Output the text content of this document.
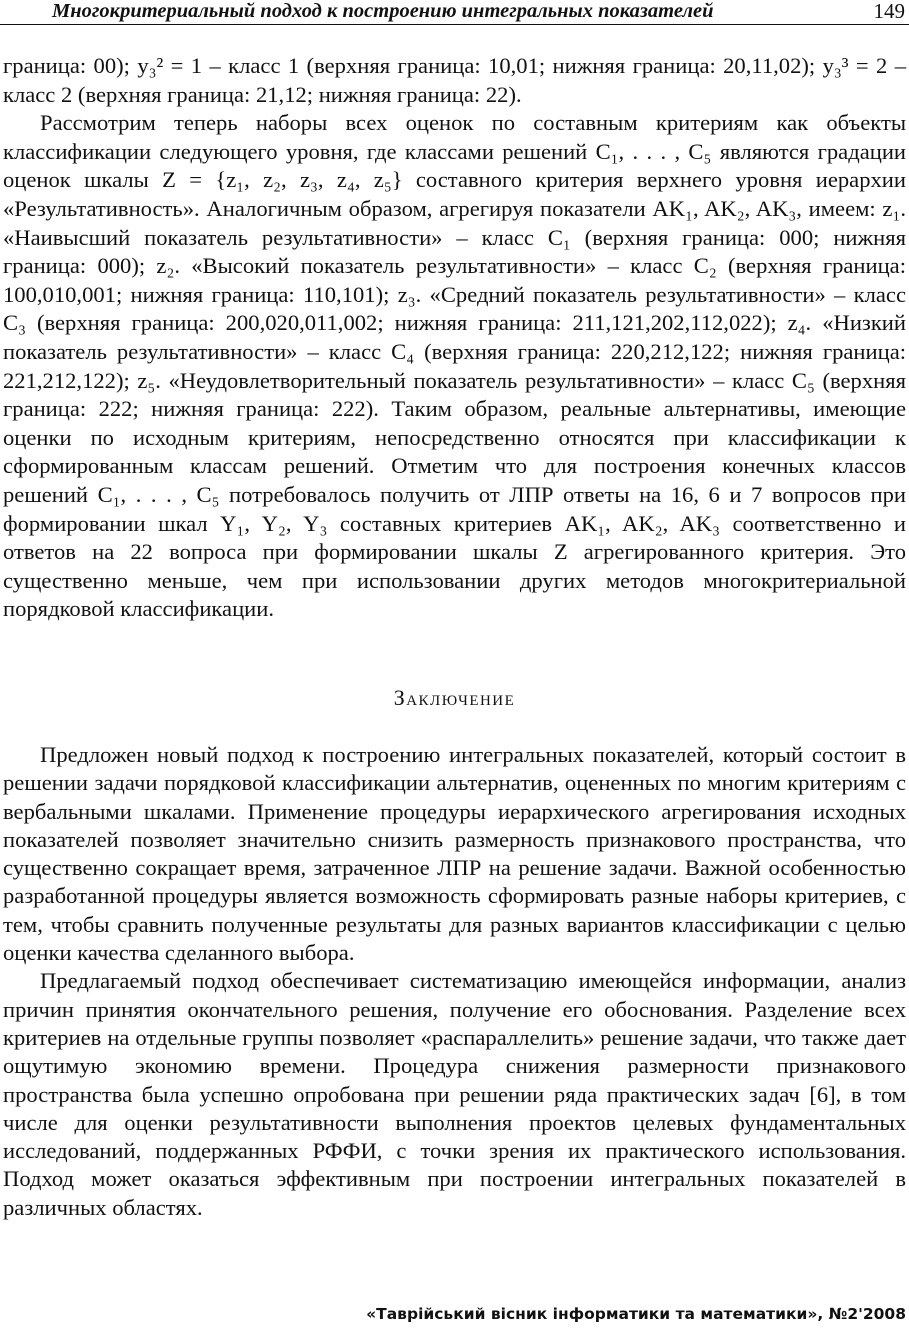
Многокритериальный подход к построению интегральных показателей	149

граница: 00); y₃² = 1 – класс 1 (верхняя граница: 10,01; нижняя граница: 20,11,02); y₃³ = 2 – класс 2 (верхняя граница: 21,12; нижняя граница: 22).

Рассмотрим теперь наборы всех оценок по составным критериям как объекты классификации следующего уровня, где классами решений C₁, . . . , C₅ являются градации оценок шкалы Z = {z₁, z₂, z₃, z₄, z₅} составного критерия верхнего уровня иерархии «Результативность». Аналогичным образом, агрегируя показатели AK₁, AK₂, AK₃, имеем: z₁. «Наивысший показатель результативности» – класс C₁ (верхняя граница: 000; нижняя граница: 000); z₂. «Высокий показатель результативности» – класс C₂ (верхняя граница: 100,010,001; нижняя граница: 110,101); z₃. «Средний показатель результативности» – класс C₃ (верхняя граница: 200,020,011,002; нижняя граница: 211,121,202,112,022); z₄. «Низкий показатель результативности» – класс C₄ (верхняя граница: 220,212,122; нижняя граница: 221,212,122); z₅. «Неудовлетворительный показатель результативности» – класс C₅ (верхняя граница: 222; нижняя граница: 222). Таким образом, реальные альтернативы, имеющие оценки по исходным критериям, непосредственно относятся при классификации к сформированным классам решений. Отметим что для построения конечных классов решений C₁, . . . , C₅ потребовалось получить от ЛПР ответы на 16, 6 и 7 вопросов при формировании шкал Y₁, Y₂, Y₃ составных критериев AK₁, AK₂, AK₃ соответственно и ответов на 22 вопроса при формировании шкалы Z агрегированного критерия. Это существенно меньше, чем при использовании других методов многокритериальной порядковой классификации.

Заключение

Предложен новый подход к построению интегральных показателей, который состоит в решении задачи порядковой классификации альтернатив, оцененных по многим критериям с вербальными шкалами. Применение процедуры иерархического агрегирования исходных показателей позволяет значительно снизить размерность признакового пространства, что существенно сокращает время, затраченное ЛПР на решение задачи. Важной особенностью разработанной процедуры является возможность сформировать разные наборы критериев, с тем, чтобы сравнить полученные результаты для разных вариантов классификации с целью оценки качества сделанного выбора.

Предлагаемый подход обеспечивает систематизацию имеющейся информации, анализ причин принятия окончательного решения, получение его обоснования. Разделение всех критериев на отдельные группы позволяет «распараллелить» решение задачи, что также дает ощутимую экономию времени. Процедура снижения размерности признакового пространства была успешно опробована при решении ряда практических задач [6], в том числе для оценки результативности выполнения проектов целевых фундаментальных исследований, поддержанных РФФИ, с точки зрения их практического использования. Подход может оказаться эффективным при построении интегральных показателей в различных областях.

«Таврійський вісник інформатики та математики», №2'2008
